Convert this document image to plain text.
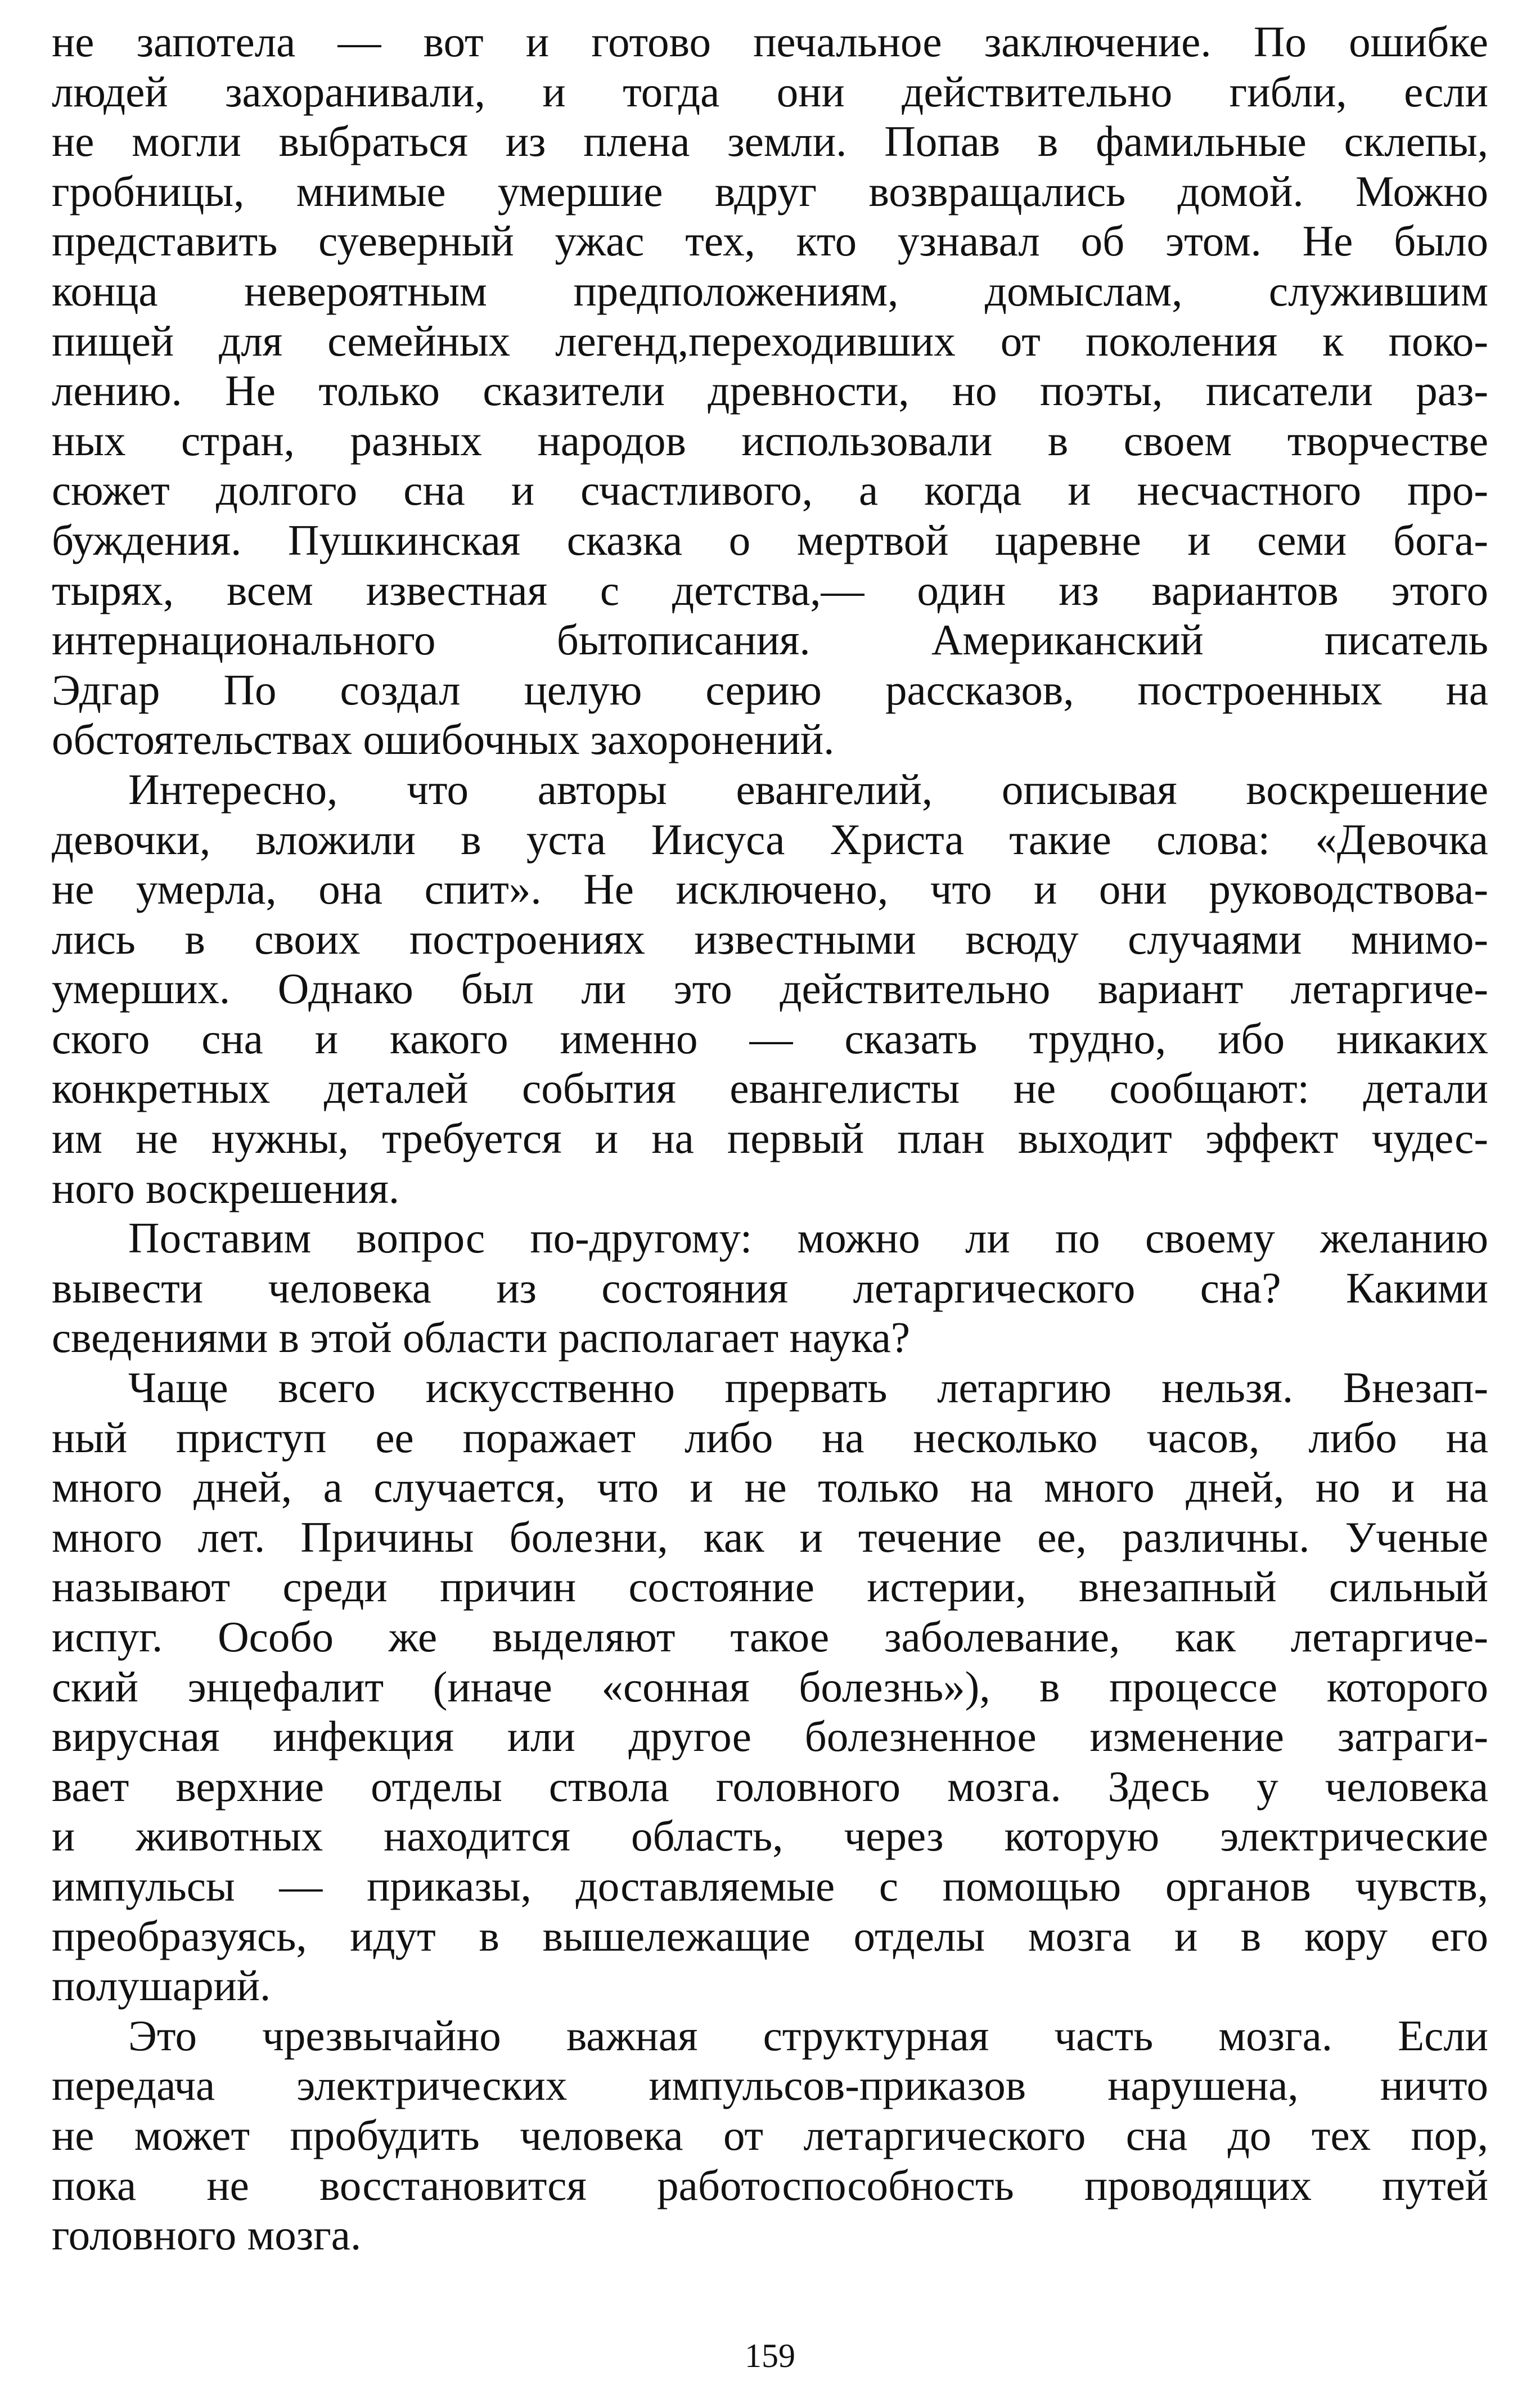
не запотела — вот и готово печальное заключение. По ошибке
людей захоранивали, и тогда они действительно гибли, если
не могли выбраться из плена земли. Попав в фамильные склепы,
гробницы, мнимые умершие вдруг возвращались домой. Можно
представить суеверный ужас тех, кто узнавал об этом. Не было
конца невероятным предположениям, домыслам, служившим
пищей для семейных легенд,переходивших от поколения к поко-
лению. Не только сказители древности, но поэты, писатели раз-
ных стран, разных народов использовали в своем творчестве
сюжет долгого сна и счастливого, а когда и несчастного про-
буждения. Пушкинская сказка о мертвой царевне и семи бога-
тырях, всем известная с детства,— один из вариантов этого
интернационального бытописания. Американский писатель
Эдгар По создал целую серию рассказов, построенных на
обстоятельствах ошибочных захоронений.

Интересно, что авторы евангелий, описывая воскрешение
девочки, вложили в уста Иисуса Христа такие слова: «Девочка
не умерла, она спит». Не исключено, что и они руководствова-
лись в своих построениях известными всюду случаями мнимо-
умерших. Однако был ли это действительно вариант летаргиче-
ского сна и какого именно — сказать трудно, ибо никаких
конкретных деталей события евангелисты не сообщают: детали
им не нужны, требуется и на первый план выходит эффект чудес-
ного воскрешения.

Поставим вопрос по-другому: можно ли по своему желанию
вывести человека из состояния летаргического сна? Какими
сведениями в этой области располагает наука?

Чаще всего искусственно прервать летаргию нельзя. Внезап-
ный приступ ее поражает либо на несколько часов, либо на
много дней, а случается, что и не только на много дней, но и на
много лет. Причины болезни, как и течение ее, различны. Ученые
называют среди причин состояние истерии, внезапный сильный
испуг. Особо же выделяют такое заболевание, как летаргиче-
ский энцефалит (иначе «сонная болезнь»), в процессе которого
вирусная инфекция или другое болезненное изменение затраги-
вает верхние отделы ствола головного мозга. Здесь у человека
и животных находится область, через которую электрические
импульсы — приказы, доставляемые с помощью органов чувств,
преобразуясь, идут в вышележащие отделы мозга и в кору его
полушарий.

Это чрезвычайно важная структурная часть мозга. Если
передача электрических импульсов-приказов нарушена, ничто
не может пробудить человека от летаргического сна до тех пор,
пока не восстановится работоспособность проводящих путей
головного мозга.

159
